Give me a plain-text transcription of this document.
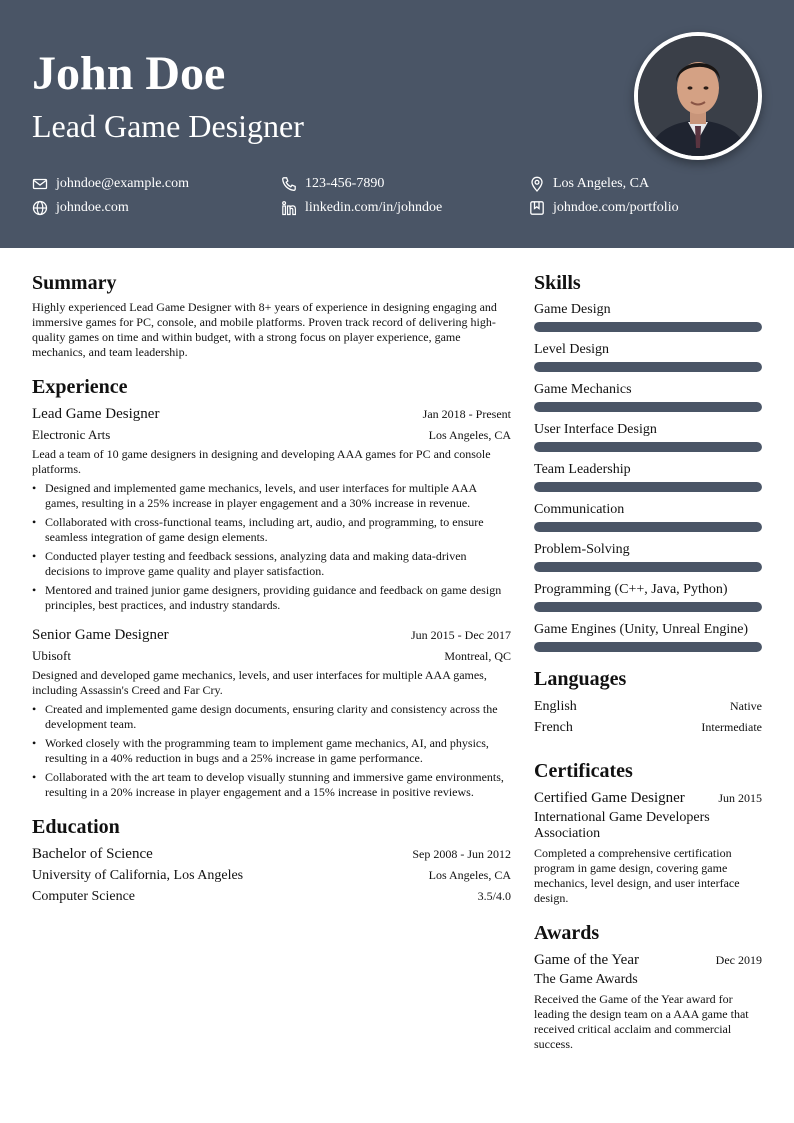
John Doe
Lead Game Designer
johndoe@example.com	123-456-7890	Los Angeles, CA
johndoe.com	linkedin.com/in/johndoe	johndoe.com/portfolio
Summary
Highly experienced Lead Game Designer with 8+ years of experience in designing engaging and immersive games for PC, console, and mobile platforms. Proven track record of delivering high-quality games on time and within budget, with a strong focus on player experience, game mechanics, and team leadership.
Experience
Lead Game Designer	Jan 2018 - Present
Electronic Arts	Los Angeles, CA
Lead a team of 10 game designers in designing and developing AAA games for PC and console platforms.
• Designed and implemented game mechanics, levels, and user interfaces for multiple AAA games, resulting in a 25% increase in player engagement and a 30% increase in revenue.
• Collaborated with cross-functional teams, including art, audio, and programming, to ensure seamless integration of game design elements.
• Conducted player testing and feedback sessions, analyzing data and making data-driven decisions to improve game quality and player satisfaction.
• Mentored and trained junior game designers, providing guidance and feedback on game design principles, best practices, and industry standards.
Senior Game Designer	Jun 2015 - Dec 2017
Ubisoft	Montreal, QC
Designed and developed game mechanics, levels, and user interfaces for multiple AAA games, including Assassin's Creed and Far Cry.
• Created and implemented game design documents, ensuring clarity and consistency across the development team.
• Worked closely with the programming team to implement game mechanics, AI, and physics, resulting in a 40% reduction in bugs and a 25% increase in game performance.
• Collaborated with the art team to develop visually stunning and immersive game environments, resulting in a 20% increase in player engagement and a 15% increase in positive reviews.
Education
Bachelor of Science	Sep 2008 - Jun 2012
University of California, Los Angeles	Los Angeles, CA
Computer Science	3.5/4.0
Skills
Game Design
Level Design
Game Mechanics
User Interface Design
Team Leadership
Communication
Problem-Solving
Programming (C++, Java, Python)
Game Engines (Unity, Unreal Engine)
Languages
English	Native
French	Intermediate
Certificates
Certified Game Designer	Jun 2015
International Game Developers Association
Completed a comprehensive certification program in game design, covering game mechanics, level design, and user interface design.
Awards
Game of the Year	Dec 2019
The Game Awards
Received the Game of the Year award for leading the design team on a AAA game that received critical acclaim and commercial success.
